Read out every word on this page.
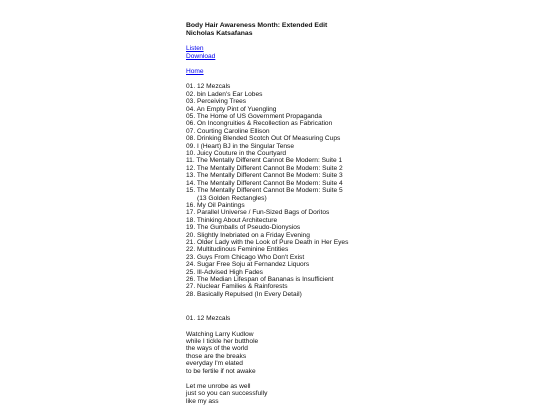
Body Hair Awareness Month: Extended Edit
Nicholas Katsafanas
Listen
Download
Home
01. 12 Mezcals
02. bin Laden's Ear Lobes
03. Perceiving Trees
04. An Empty Pint of Yuengling
05. The Home of US Government Propaganda
06. On Incongruities & Recollection as Fabrication
07. Courting Caroline Ellison
08. Drinking Blended Scotch Out Of Measuring Cups
09. I (Heart) BJ in the Singular Tense
10. Juicy Couture in the Courtyard
11. The Mentally Different Cannot Be Modern: Suite 1
12. The Mentally Different Cannot Be Modern: Suite 2
13. The Mentally Different Cannot Be Modern: Suite 3
14. The Mentally Different Cannot Be Modern: Suite 4
15. The Mentally Different Cannot Be Modern: Suite 5
(13 Golden Rectangles)
16. My Oil Paintings
17. Parallel Universe / Fun-Sized Bags of Doritos
18. Thinking About Architecture
19. The Gumballs of Pseudo-Dionysios
20. Slightly Inebriated on a Friday Evening
21. Older Lady with the Look of Pure Death in Her Eyes
22. Multitudinous Feminine Entities
23. Guys From Chicago Who Don't Exist
24. Sugar Free Soju at Fernandez Liquors
25. Ill-Advised High Fades
26. The Median Lifespan of Bananas is Insufficient
27. Nuclear Families & Rainforests
28. Basically Repulsed (In Every Detail)
01. 12 Mezcals
Watching Larry Kudlow
while I tickle her butthole
the ways of the world
those are the breaks
everyday I'm elated
to be fertile if not awake
Let me unrobe as well
just so you can successfully
like my ass
